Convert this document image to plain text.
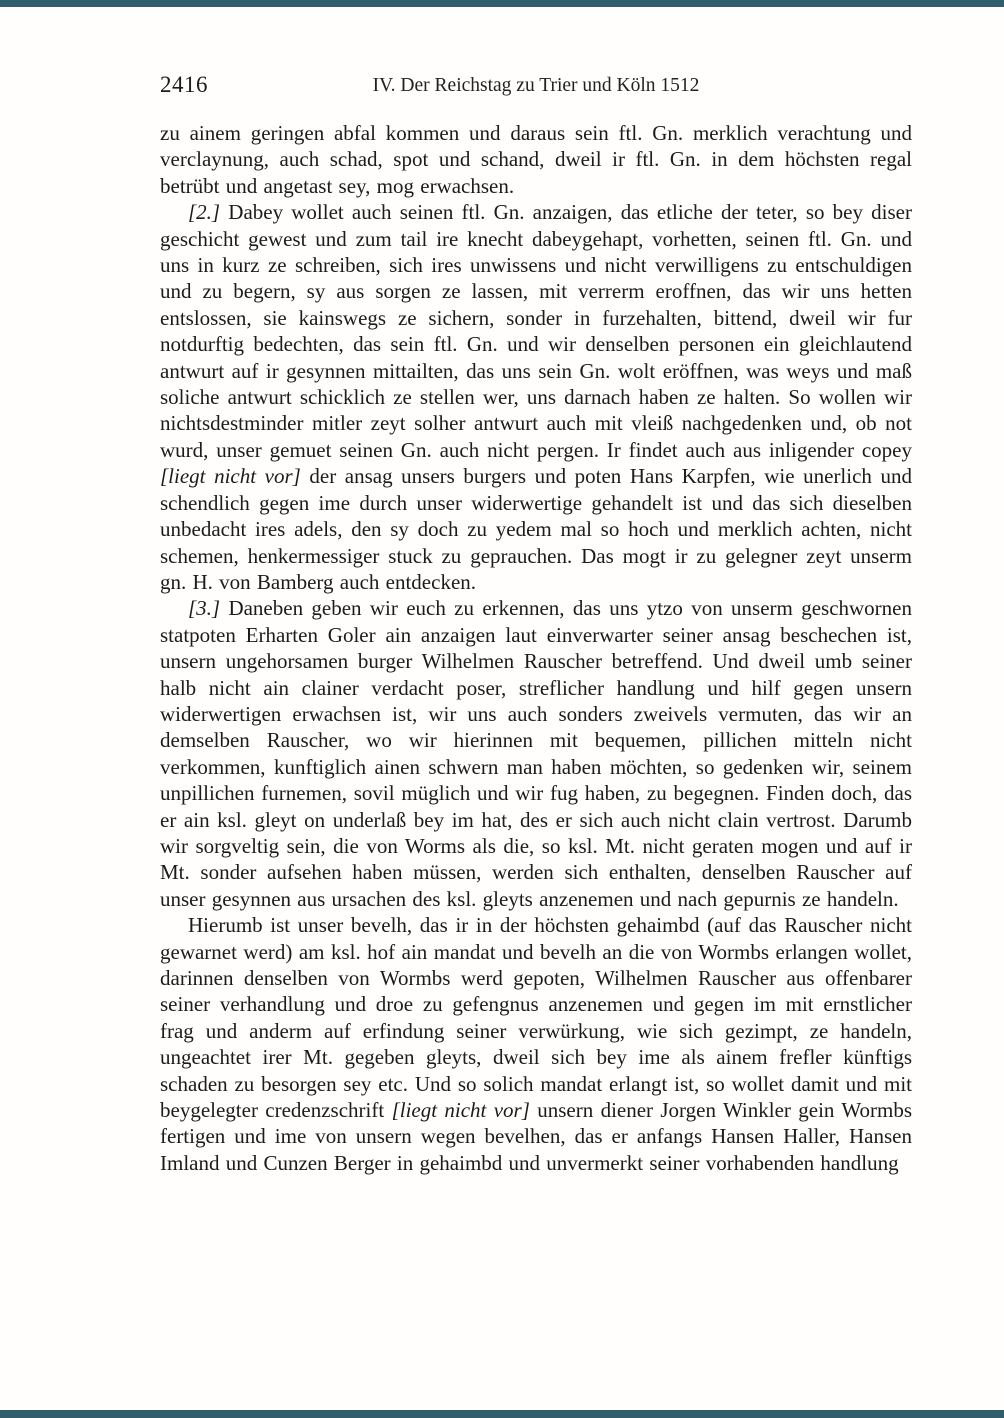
2416	IV. Der Reichstag zu Trier und Köln 1512

zu ainem geringen abfal kommen und daraus sein ftl. Gn. merklich verachtung und verclaynung, auch schad, spot und schand, dweil ir ftl. Gn. in dem höchsten regal betrübt und angetast sey, mog erwachsen.

[2.] Dabey wollet auch seinen ftl. Gn. anzaigen, das etliche der teter, so bey diser geschicht gewest und zum tail ire knecht dabeygehapt, vorhetten, seinen ftl. Gn. und uns in kurz ze schreiben, sich ires unwissens und nicht verwilligens zu entschuldigen und zu begern, sy aus sorgen ze lassen, mit verrerm eroffnen, das wir uns hetten entslossen, sie kainswegs ze sichern, sonder in furzehalten, bittend, dweil wir fur notdurftig bedechten, das sein ftl. Gn. und wir denselben personen ein gleichlautend antwurt auf ir gesynnen mittailten, das uns sein Gn. wolt eröffnen, was weys und maß soliche antwurt schicklich ze stellen wer, uns darnach haben ze halten. So wollen wir nichtsdestminder mitler zeyt solher antwurt auch mit vleiß nachgedenken und, ob not wurd, unser gemuet seinen Gn. auch nicht pergen. Ir findet auch aus inligender copey [liegt nicht vor] der ansag unsers burgers und poten Hans Karpfen, wie unerlich und schendlich gegen ime durch unser widerwertige gehandelt ist und das sich dieselben unbedacht ires adels, den sy doch zu yedem mal so hoch und merklich achten, nicht schemen, henkermessiger stuck zu geprauchen. Das mogt ir zu gelegner zeyt unserm gn. H. von Bamberg auch entdecken.

[3.] Daneben geben wir euch zu erkennen, das uns ytzo von unserm geschwornen statpoten Erharten Goler ain anzaigen laut einverwarter seiner ansag beschechen ist, unsern ungehorsamen burger Wilhelmen Rauscher betreffend. Und dweil umb seiner halb nicht ain clainer verdacht poser, streflicher handlung und hilf gegen unsern widerwertigen erwachsen ist, wir uns auch sonders zweivels vermuten, das wir an demselben Rauscher, wo wir hierinnen mit bequemen, pillichen mitteln nicht verkommen, kunftiglich ainen schwern man haben möchten, so gedenken wir, seinem unpillichen furnemen, sovil müglich und wir fug haben, zu begegnen. Finden doch, das er ain ksl. gleyt on underlaß bey im hat, des er sich auch nicht clain vertrost. Darumb wir sorgveltig sein, die von Worms als die, so ksl. Mt. nicht geraten mogen und auf ir Mt. sonder aufsehen haben müssen, werden sich enthalten, denselben Rauscher auf unser gesynnen aus ursachen des ksl. gleyts anzenemen und nach gepurnis ze handeln.

Hierumb ist unser bevelh, das ir in der höchsten gehaimbd (auf das Rauscher nicht gewarnet werd) am ksl. hof ain mandat und bevelh an die von Wormbs erlangen wollet, darinnen denselben von Wormbs werd gepoten, Wilhelmen Rauscher aus offenbarer seiner verhandlung und droe zu gefengnus anzenemen und gegen im mit ernstlicher frag und anderm auf erfindung seiner verwürkung, wie sich gezimpt, ze handeln, ungeachtet irer Mt. gegeben gleyts, dweil sich bey ime als ainem frefler künftigs schaden zu besorgen sey etc. Und so solich mandat erlangt ist, so wollet damit und mit beygelegter credenzschrift [liegt nicht vor] unsern diener Jorgen Winkler gein Wormbs fertigen und ime von unsern wegen bevelhen, das er anfangs Hansen Haller, Hansen Imland und Cunzen Berger in gehaimbd und unvermerkt seiner vorhabenden handlung
